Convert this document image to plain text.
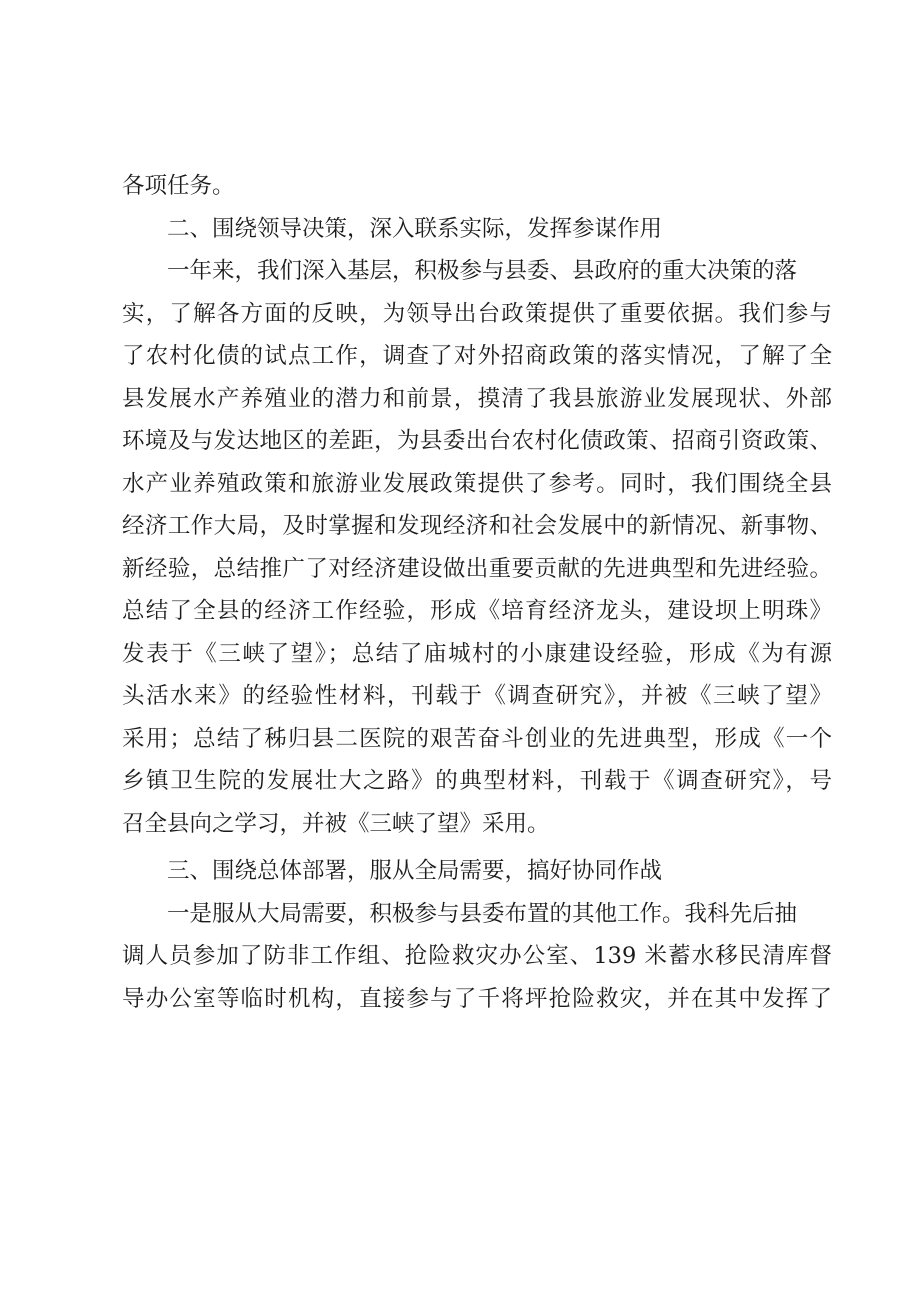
各项任务。
二、围绕领导决策，深入联系实际，发挥参谋作用
一年来，我们深入基层，积极参与县委、县政府的重大决策的落
实，了解各方面的反映，为领导出台政策提供了重要依据。我们参与
了农村化债的试点工作，调查了对外招商政策的落实情况，了解了全
县发展水产养殖业的潜力和前景，摸清了我县旅游业发展现状、外部
环境及与发达地区的差距，为县委出台农村化债政策、招商引资政策、
水产业养殖政策和旅游业发展政策提供了参考。同时，我们围绕全县
经济工作大局，及时掌握和发现经济和社会发展中的新情况、新事物、
新经验，总结推广了对经济建设做出重要贡献的先进典型和先进经验。
总结了全县的经济工作经验，形成《培育经济龙头，建设坝上明珠》
发表于《三峡了望》；总结了庙城村的小康建设经验，形成《为有源
头活水来》的经验性材料，刊载于《调查研究》，并被《三峡了望》
采用；总结了秭归县二医院的艰苦奋斗创业的先进典型，形成《一个
乡镇卫生院的发展壮大之路》的典型材料，刊载于《调查研究》，号
召全县向之学习，并被《三峡了望》采用。
三、围绕总体部署，服从全局需要，搞好协同作战
一是服从大局需要，积极参与县委布置的其他工作。我科先后抽
调人员参加了防非工作组、抢险救灾办公室、139 米蓄水移民清库督
导办公室等临时机构，直接参与了千将坪抢险救灾，并在其中发挥了
